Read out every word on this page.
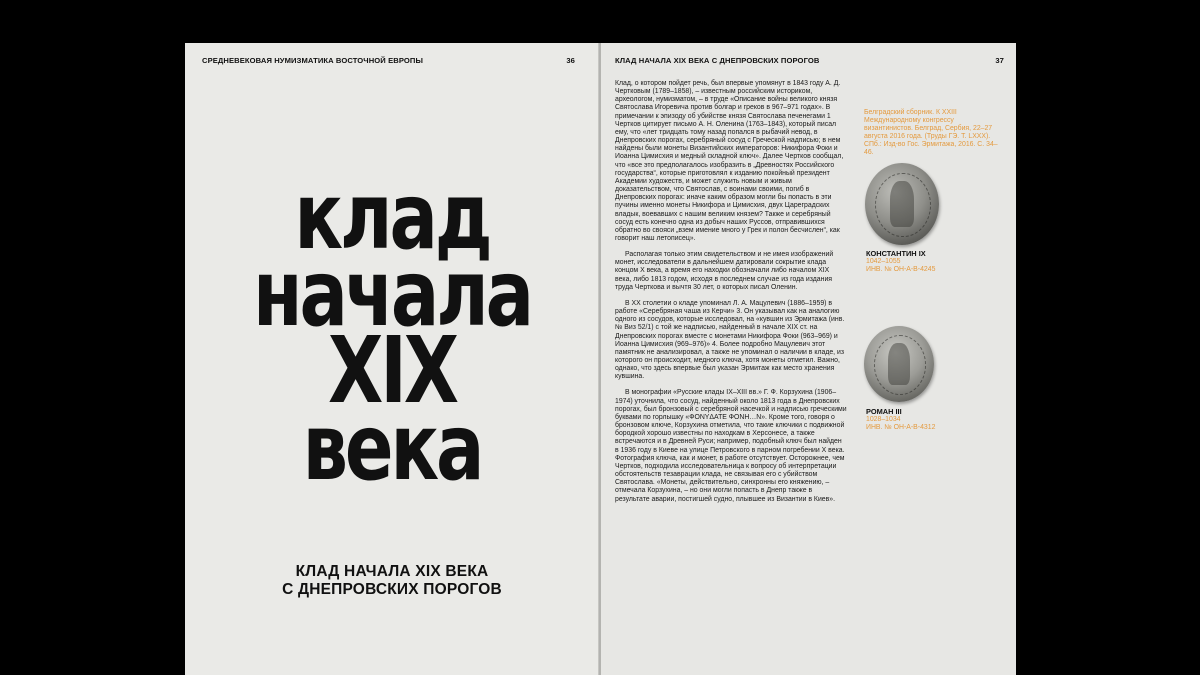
СРЕДНЕВЕКОВАЯ НУМИЗМАТИКА ВОСТОЧНОЙ ЕВРОПЫ	36
клад
начала
XIX
века
КЛАД НАЧАЛА XIX ВЕКА
С ДНЕПРОВСКИХ ПОРОГОВ
КЛАД НАЧАЛА XIX ВЕКА С ДНЕПРОВСКИХ ПОРОГОВ	37

Клад, о котором пойдет речь, был впервые упомянут в 1843 году А. Д. Чертковым (1789–1858), – известным российским историком, археологом, нумизматом, – в труде «Описание войны великого князя Святослава Игоревича против болгар и греков в 967–971 годах». В примечании к эпизоду об убийстве князя Святослава печенегами 1 Чертков цитирует письмо А. Н. Оленина (1763–1843), который писал ему, что «лет тридцать тому назад попался в рыбачий невод, в Днепровских порогах, серебряный сосуд с Греческой надписью; в нем найдены были монеты Византийских императоров: Никифора Фоки и Иоанна Цимисхия и медный складной ключ». Далее Чертков сообщал, что «все это предполагалось изобразить в „Древностях Российского государства“, которые приготовлял к изданию покойный президент Академии художеств, и может служить новым и живым доказательством, что Святослав, с воинами своими, погиб в Днепровских порогах: иначе каким образом могли бы попасть в эти пучины именно монеты Никифора и Цимисхия, двух Цареградских владык, воевавших с нашим великим князем? Также и серебряный сосуд есть конечно одна из добыч наших Руссов, отправившихся обратно во свояси „взем имение много у Грек и полон бесчислен“, как говорит наш летописец».

Располагая только этим свидетельством и не имея изображений монет, исследователи в дальнейшем датировали сокрытие клада концом X века, а время его находки обозначали либо началом XIX века, либо 1813 годом, исходя в последнем случае из года издания труда Черткова и вычтя 30 лет, о которых писал Оленин.

В XX столетии о кладе упоминал Л. А. Мацулевич (1886–1959) в работе «Серебряная чаша из Керчи» 3. Он указывал как на аналогию одного из сосудов, которые исследовал, на «кувшин из Эрмитажа (инв. № Виз 52/1) с той же надписью, найденный в начале XIX ст. на Днепровских порогах вместе с монетами Никифора Фоки (963–969) и Иоанна Цимисхия (969–976)» 4. Более подробно Мацулевич этот памятник не анализировал, а также не упоминал о наличии в кладе, из которого он происходит, медного ключа, хотя монеты отметил. Важно, однако, что здесь впервые был указан Эрмитаж как место хранения кувшина.

В монографии «Русские клады IX–XIII вв.» Г. Ф. Корзухина (1906–1974) уточнила, что сосуд, найденный около 1813 года в Днепровских порогах, был бронзовый с серебряной насечкой и надписью греческими буквами по горлышку «ФОNYΔATE ФОNH…N». Кроме того, говоря о бронзовом ключе, Корзухина отметила, что такие ключики с подвижной бородкой хорошо известны по находкам в Херсонесе, а также встречаются и в Древней Руси; например, подобный ключ был найден в 1936 году в Киеве на улице Петровского в парном погребении X века. Фотография ключа, как и монет, в работе отсутствует. Осторожнее, чем Чертков, подходила исследовательница к вопросу об интерпретации обстоятельств тезаврации клада, не связывая его с убийством Святослава. «Монеты, действительно, синхронны его княжению, – отмечала Корзухина, – но они могли попасть в Днепр также в результате аварии, постигшей судно, плывшее из Византии в Киев».

Белградский сборник. К XXIII Международному конгрессу византинистов. Белград, Сербия, 22–27 августа 2016 года. (Труды ГЭ. Т. LXXX). СПб.: Изд-во Гос. Эрмитажа, 2016. С. 34–46.
КОНСТАНТИН IX
1042–1055
ИНВ. № ОН-А-В-4245
РОМАН III
1028–1034
ИНВ. № ОН-А-В-4312
